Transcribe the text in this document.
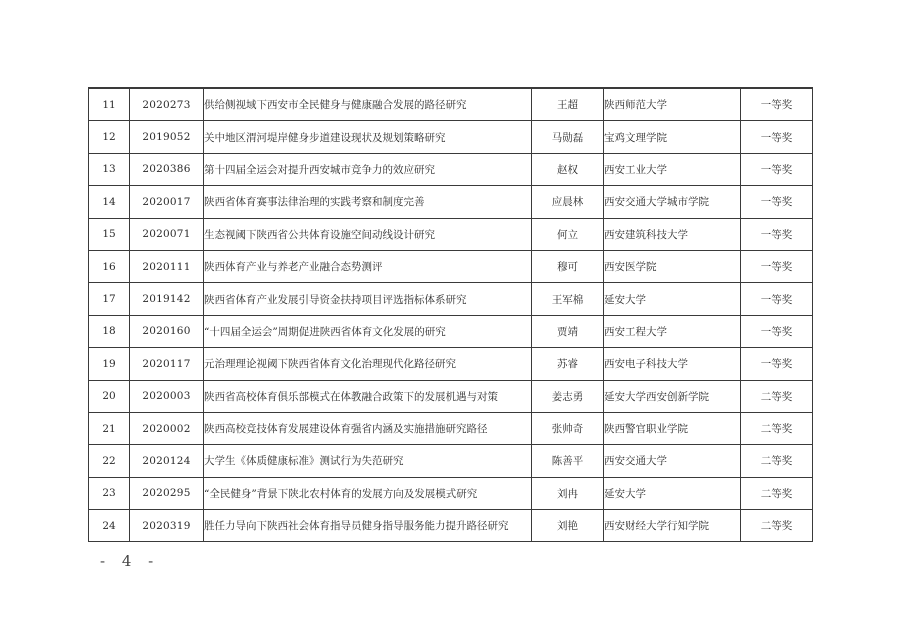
11	2020273	供给侧视域下西安市全民健身与健康融合发展的路径研究	王超	陕西师范大学	一等奖
12	2019052	关中地区渭河堤岸健身步道建设现状及规划策略研究	马勋磊	宝鸡文理学院	一等奖
13	2020386	第十四届全运会对提升西安城市竞争力的效应研究	赵权	西安工业大学	一等奖
14	2020017	陕西省体育赛事法律治理的实践考察和制度完善	应晨林	西安交通大学城市学院	一等奖
15	2020071	生态视阈下陕西省公共体育设施空间动线设计研究	何立	西安建筑科技大学	一等奖
16	2020111	陕西体育产业与养老产业融合态势测评	穆可	西安医学院	一等奖
17	2019142	陕西省体育产业发展引导资金扶持项目评选指标体系研究	王军棉	延安大学	一等奖
18	2020160	“十四届全运会”周期促进陕西省体育文化发展的研究	贾靖	西安工程大学	一等奖
19	2020117	元治理理论视阈下陕西省体育文化治理现代化路径研究	苏睿	西安电子科技大学	一等奖
20	2020003	陕西省高校体育俱乐部模式在体教融合政策下的发展机遇与对策	姜志勇	延安大学西安创新学院	二等奖
21	2020002	陕西高校竞技体育发展建设体育强省内涵及实施措施研究路径	张帅奇	陕西警官职业学院	二等奖
22	2020124	大学生《体质健康标准》测试行为失范研究	陈善平	西安交通大学	二等奖
23	2020295	“全民健身”背景下陕北农村体育的发展方向及发展模式研究	刘冉	延安大学	二等奖
24	2020319	胜任力导向下陕西社会体育指导员健身指导服务能力提升路径研究	刘艳	西安财经大学行知学院	二等奖
- 4 -
